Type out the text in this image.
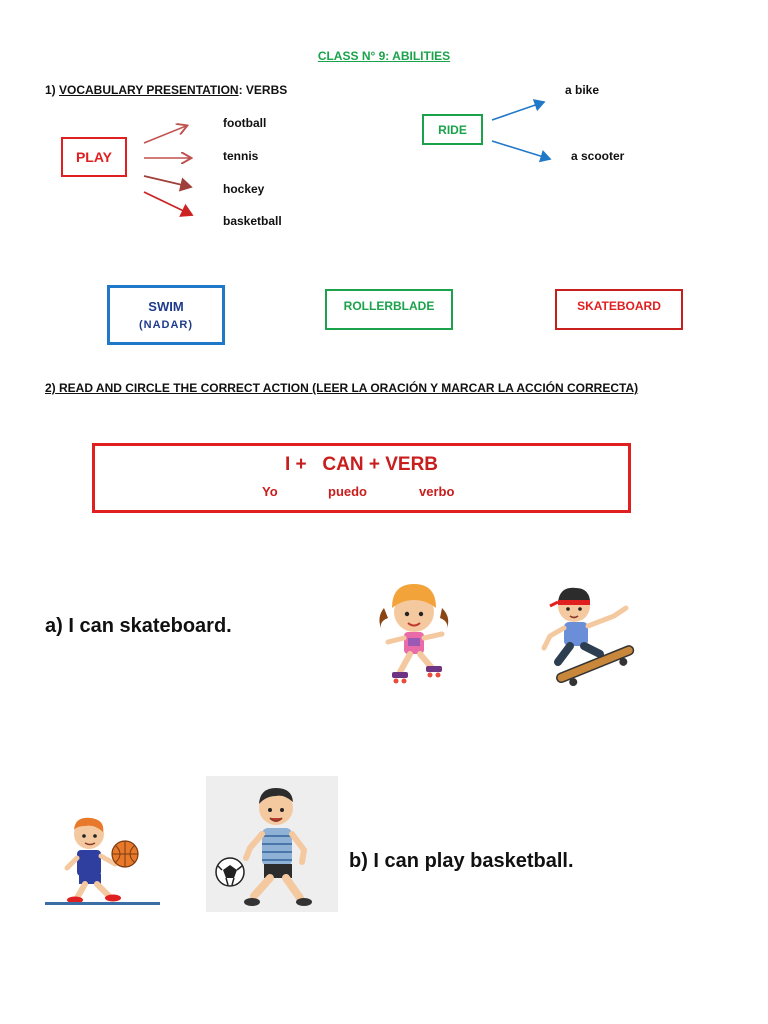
CLASS N° 9: ABILITIES
1) VOCABULARY PRESENTATION: VERBS
PLAY
football
tennis
hockey
basketball
RIDE
a bike
a scooter
SWIM
(NADAR)
ROLLERBLADE	SKATEBOARD
2) READ AND CIRCLE THE CORRECT ACTION (LEER LA ORACIÓN Y MARCAR LA ACCIÓN CORRECTA)
I +   CAN + VERB
Yo	puedo	verbo
a) I can skateboard.
b) I can play basketball.
